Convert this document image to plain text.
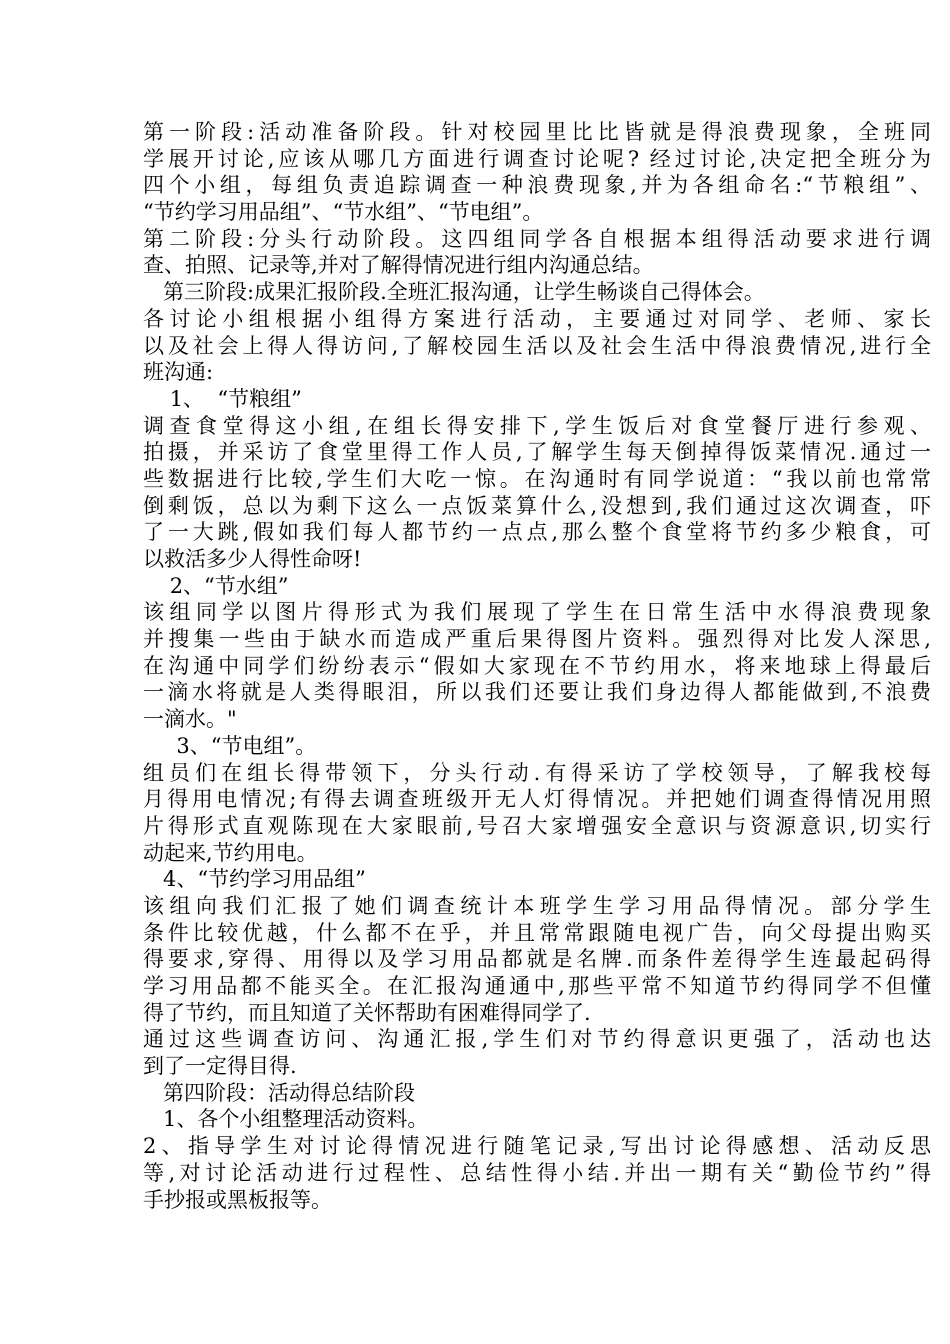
第一阶段:活动准备阶段。针对校园里比比皆就是得浪费现象，全班同
学展开讨论,应该从哪几方面进行调查讨论呢? 经过讨论,决定把全班分为
四个小组，每组负责追踪调查一种浪费现象,并为各组命名:“节粮组”、
“节约学习用品组”、“节水组”、“节电组”。
第二阶段:分头行动阶段。这四组同学各自根据本组得活动要求进行调
查、拍照、记录等,并对了解得情况进行组内沟通总结。
第三阶段:成果汇报阶段.全班汇报沟通，让学生畅谈自己得体会。
各讨论小组根据小组得方案进行活动，主要通过对同学、老师、家长
以及社会上得人得访问,了解校园生活以及社会生活中得浪费情况,进行全
班沟通:
1、  “节粮组”
调查食堂得这小组,在组长得安排下,学生饭后对食堂餐厅进行参观、
拍摄，并采访了食堂里得工作人员,了解学生每天倒掉得饭菜情况.通过一
些数据进行比较,学生们大吃一惊。在沟通时有同学说道：“我以前也常常
倒剩饭，总以为剩下这么一点饭菜算什么,没想到,我们通过这次调查，吓
了一大跳,假如我们每人都节约一点点,那么整个食堂将节约多少粮食，可
以救活多少人得性命呀!
2、“节水组”
该组同学以图片得形式为我们展现了学生在日常生活中水得浪费现象
并搜集一些由于缺水而造成严重后果得图片资料。强烈得对比发人深思,
在沟通中同学们纷纷表示“假如大家现在不节约用水，将来地球上得最后
一滴水将就是人类得眼泪，所以我们还要让我们身边得人都能做到,不浪费
一滴水。"
3、“节电组”。
组员们在组长得带领下，分头行动.有得采访了学校领导，了解我校每
月得用电情况;有得去调查班级开无人灯得情况。并把她们调查得情况用照
片得形式直观陈现在大家眼前,号召大家增强安全意识与资源意识,切实行
动起来,节约用电。
4、“节约学习用品组”
该组向我们汇报了她们调查统计本班学生学习用品得情况。部分学生
条件比较优越，什么都不在乎，并且常常跟随电视广告，向父母提出购买
得要求,穿得、用得以及学习用品都就是名牌.而条件差得学生连最起码得
学习用品都不能买全。在汇报沟通通中,那些平常不知道节约得同学不但懂
得了节约，而且知道了关怀帮助有困难得同学了.
通过这些调查访问、沟通汇报,学生们对节约得意识更强了，活动也达
到了一定得目得.
第四阶段：活动得总结阶段
1、各个小组整理活动资料。
2、指导学生对讨论得情况进行随笔记录,写出讨论得感想、活动反思
等,对讨论活动进行过程性、总结性得小结.并出一期有关“勤俭节约”得
手抄报或黑板报等。
